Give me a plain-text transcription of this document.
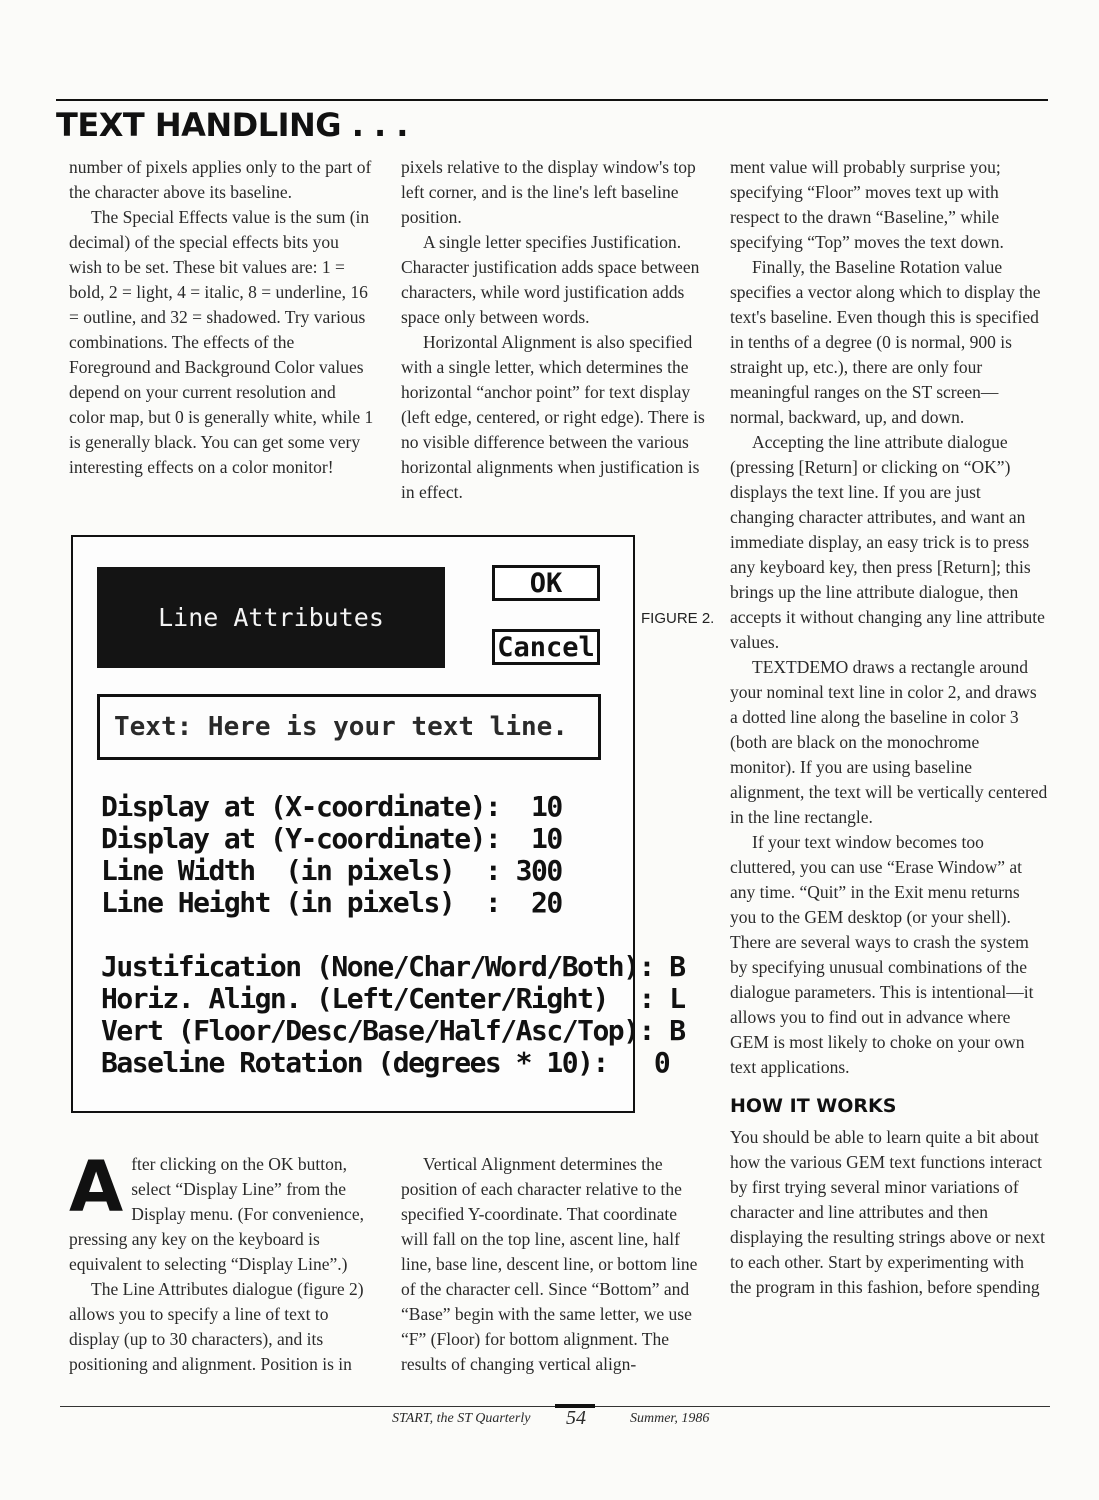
TEXT HANDLING . . .

number of pixels applies only to the part of the character above its baseline.

The Special Effects value is the sum (in decimal) of the special effects bits you wish to be set. These bit values are: 1 = bold, 2 = light, 4 = italic, 8 = underline, 16 = outline, and 32 = shadowed. Try various combinations. The effects of the Foreground and Background Color values depend on your current resolution and color map, but 0 is generally white, while 1 is generally black. You can get some very interesting effects on a color monitor!

pixels relative to the display window's top left corner, and is the line's left baseline position.

A single letter specifies Justification. Character justification adds space between characters, while word justification adds space only between words.

Horizontal Alignment is also specified with a single letter, which determines the horizontal “anchor point” for text display (left edge, centered, or right edge). There is no visible difference between the various horizontal alignments when justification is in effect.

Line Attributes
OK
Cancel
Text: Here is your text line.
Display at (X-coordinate):  10
Display at (Y-coordinate):  10
Line Width  (in pixels)  : 300
Line Height (in pixels)  :  20
Justification (None/Char/Word/Both): B
Horiz. Align. (Left/Center/Right)  : L
Vert (Floor/Desc/Base/Half/Asc/Top): B
Baseline Rotation (degrees * 10):   0
FIGURE 2.

ment value will probably surprise you; specifying “Floor” moves text up with respect to the drawn “Baseline,” while specifying “Top” moves the text down.

Finally, the Baseline Rotation value specifies a vector along which to display the text's baseline. Even though this is specified in tenths of a degree (0 is normal, 900 is straight up, etc.), there are only four meaningful ranges on the ST screen—normal, backward, up, and down.

Accepting the line attribute dialogue (pressing [Return] or clicking on “OK”) displays the text line. If you are just changing character attributes, and want an immediate display, an easy trick is to press any keyboard key, then press [Return]; this brings up the line attribute dialogue, then accepts it without changing any line attribute values.

TEXTDEMO draws a rectangle around your nominal text line in color 2, and draws a dotted line along the baseline in color 3 (both are black on the monochrome monitor). If you are using baseline alignment, the text will be vertically centered in the line rectangle.

If your text window becomes too cluttered, you can use “Erase Window” at any time. “Quit” in the Exit menu returns you to the GEM desktop (or your shell). There are several ways to crash the system by specifying unusual combinations of the dialogue parameters. This is intentional—it allows you to find out in advance where GEM is most likely to choke on your own text applications.

HOW IT WORKS

You should be able to learn quite a bit about how the various GEM text functions interact by first trying several minor variations of character and line attributes and then displaying the resulting strings above or next to each other. Start by experimenting with the program in this fashion, before spending

After clicking on the OK button, select “Display Line” from the Display menu. (For convenience, pressing any key on the keyboard is equivalent to selecting “Display Line”.)

The Line Attributes dialogue (figure 2) allows you to specify a line of text to display (up to 30 characters), and its positioning and alignment. Position is in

Vertical Alignment determines the position of each character relative to the specified Y-coordinate. That coordinate will fall on the top line, ascent line, half line, base line, descent line, or bottom line of the character cell. Since “Bottom” and “Base” begin with the same letter, we use “F” (Floor) for bottom alignment. The results of changing vertical align-

START, the ST Quarterly 54	Summer, 1986
